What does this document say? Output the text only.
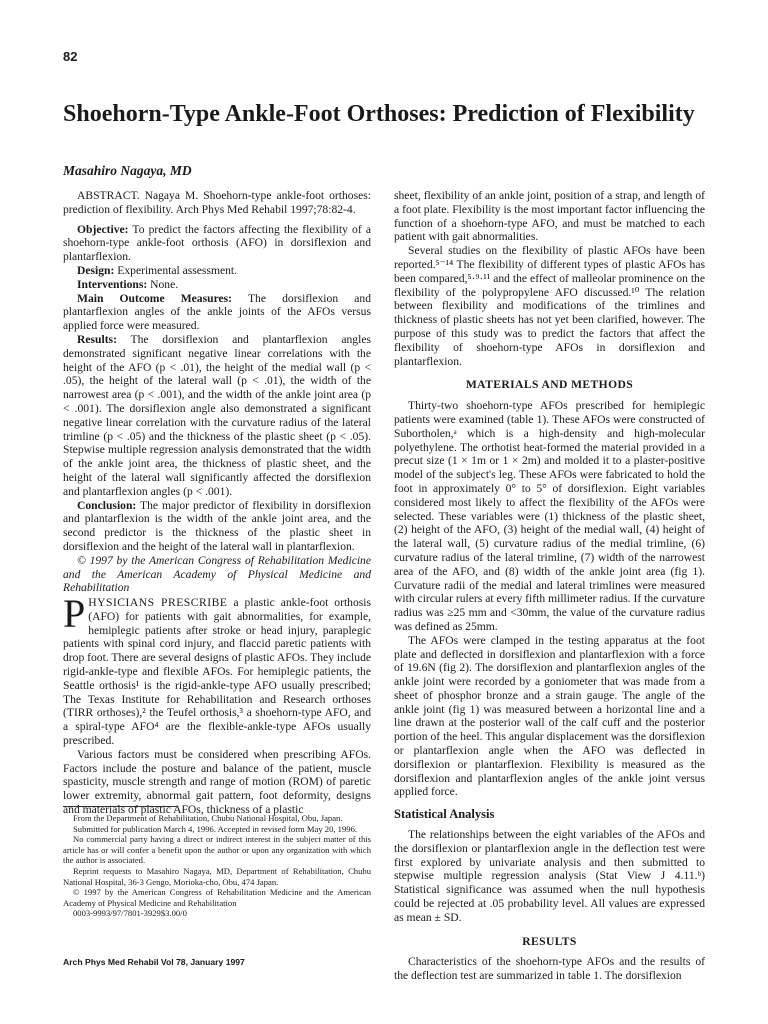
82
Shoehorn-Type Ankle-Foot Orthoses: Prediction of Flexibility
Masahiro Nagaya, MD

ABSTRACT. Nagaya M. Shoehorn-type ankle-foot orthoses: prediction of flexibility. Arch Phys Med Rehabil 1997;78:82-4.

Objective: To predict the factors affecting the flexibility of a shoehorn-type ankle-foot orthosis (AFO) in dorsiflexion and plantarflexion.

Design: Experimental assessment.

Interventions: None.

Main Outcome Measures: The dorsiflexion and plantarflexion angles of the ankle joints of the AFOs versus applied force were measured.

Results: The dorsiflexion and plantarflexion angles demonstrated significant negative linear correlations with the height of the AFO (p < .01), the height of the medial wall (p < .05), the height of the lateral wall (p < .01), the width of the narrowest area (p < .001), and the width of the ankle joint area (p < .001). The dorsiflexion angle also demonstrated a significant negative linear correlation with the curvature radius of the lateral trimline (p < .05) and the thickness of the plastic sheet (p < .05). Stepwise multiple regression analysis demonstrated that the width of the ankle joint area, the thickness of plastic sheet, and the height of the lateral wall significantly affected the dorsiflexion and plantarflexion angles (p < .001).

Conclusion: The major predictor of flexibility in dorsiflexion and plantarflexion is the width of the ankle joint area, and the second predictor is the thickness of the plastic sheet in dorsiflexion and the height of the lateral wall in plantarflexion.

© 1997 by the American Congress of Rehabilitation Medicine and the American Academy of Physical Medicine and Rehabilitation

PHYSICIANS PRESCRIBE a plastic ankle-foot orthosis (AFO) for patients with gait abnormalities, for example, hemiplegic patients after stroke or head injury, paraplegic patients with spinal cord injury, and flaccid paretic patients with drop foot. There are several designs of plastic AFOs. They include rigid-ankle-type and flexible AFOs. For hemiplegic patients, the Seattle orthosis¹ is the rigid-ankle-type AFO usually prescribed; The Texas Institute for Rehabilitation and Research orthoses (TIRR orthoses),² the Teufel orthosis,³ a shoehorn-type AFO, and a spiral-type AFO⁴ are the flexible-ankle-type AFOs usually prescribed.

Various factors must be considered when prescribing AFOs. Factors include the posture and balance of the patient, muscle spasticity, muscle strength and range of motion (ROM) of paretic lower extremity, abnormal gait pattern, foot deformity, designs and materials of plastic AFOs, thickness of a plastic

From the Department of Rehabilitation, Chubu National Hospital, Obu, Japan.

Submitted for publication March 4, 1996. Accepted in revised form May 20, 1996.

No commercial party having a direct or indirect interest in the subject matter of this article has or will confer a benefit upon the author or upon any organization with which the author is associated.

Reprint requests to Masahiro Nagaya, MD, Department of Rehabilitation, Chubu National Hospital, 36-3 Gengo, Morioka-cho, Obu, 474 Japan.

© 1997 by the American Congress of Rehabilitation Medicine and the American Academy of Physical Medicine and Rehabilitation

0003-9993/97/7801-3929$3.00/0

sheet, flexibility of an ankle joint, position of a strap, and length of a foot plate. Flexibility is the most important factor influencing the function of a shoehorn-type AFO, and must be matched to each patient with gait abnormalities.

Several studies on the flexibility of plastic AFOs have been reported.⁵⁻¹⁴ The flexibility of different types of plastic AFOs has been compared,⁵·⁹·¹¹ and the effect of malleolar prominence on the flexibility of the polypropylene AFO discussed.¹⁰ The relation between flexibility and modifications of the trimlines and thickness of plastic sheets has not yet been clarified, however. The purpose of this study was to predict the factors that affect the flexibility of shoehorn-type AFOs in dorsiflexion and plantarflexion.

MATERIALS AND METHODS

Thirty-two shoehorn-type AFOs prescribed for hemiplegic patients were examined (table 1). These AFOs were constructed of Subortholen,ᵃ which is a high-density and high-molecular polyethylene. The orthotist heat-formed the material provided in a precut size (1 × 1m or 1 × 2m) and molded it to a plaster-positive model of the subject's leg. These AFOs were fabricated to hold the foot in approximately 0° to 5° of dorsiflexion. Eight variables considered most likely to affect the flexibility of the AFOs were selected. These variables were (1) thickness of the plastic sheet, (2) height of the AFO, (3) height of the medial wall, (4) height of the lateral wall, (5) curvature radius of the medial trimline, (6) curvature radius of the lateral trimline, (7) width of the narrowest area of the AFO, and (8) width of the ankle joint area (fig 1). Curvature radii of the medial and lateral trimlines were measured with circular rulers at every fifth millimeter radius. If the curvature radius was ≥25 mm and <30mm, the value of the curvature radius was defined as 25mm.

The AFOs were clamped in the testing apparatus at the foot plate and deflected in dorsiflexion and plantarflexion with a force of 19.6N (fig 2). The dorsiflexion and plantarflexion angles of the ankle joint were recorded by a goniometer that was made from a sheet of phosphor bronze and a strain gauge. The angle of the ankle joint (fig 1) was measured between a horizontal line and a line drawn at the posterior wall of the calf cuff and the posterior portion of the heel. This angular displacement was the dorsiflexion or plantarflexion angle when the AFO was deflected in dorsiflexion or plantarflexion. Flexibility is measured as the dorsiflexion and plantarflexion angles of the ankle joint versus applied force.

Statistical Analysis

The relationships between the eight variables of the AFOs and the dorsiflexion or plantarflexion angle in the deflection test were first explored by univariate analysis and then submitted to stepwise multiple regression analysis (Stat View J 4.11.ᵇ) Statistical significance was assumed when the null hypothesis could be rejected at .05 probability level. All values are expressed as mean ± SD.

RESULTS

Characteristics of the shoehorn-type AFOs and the results of the deflection test are summarized in table 1. The dorsiflexion

Arch Phys Med Rehabil Vol 78, January 1997
